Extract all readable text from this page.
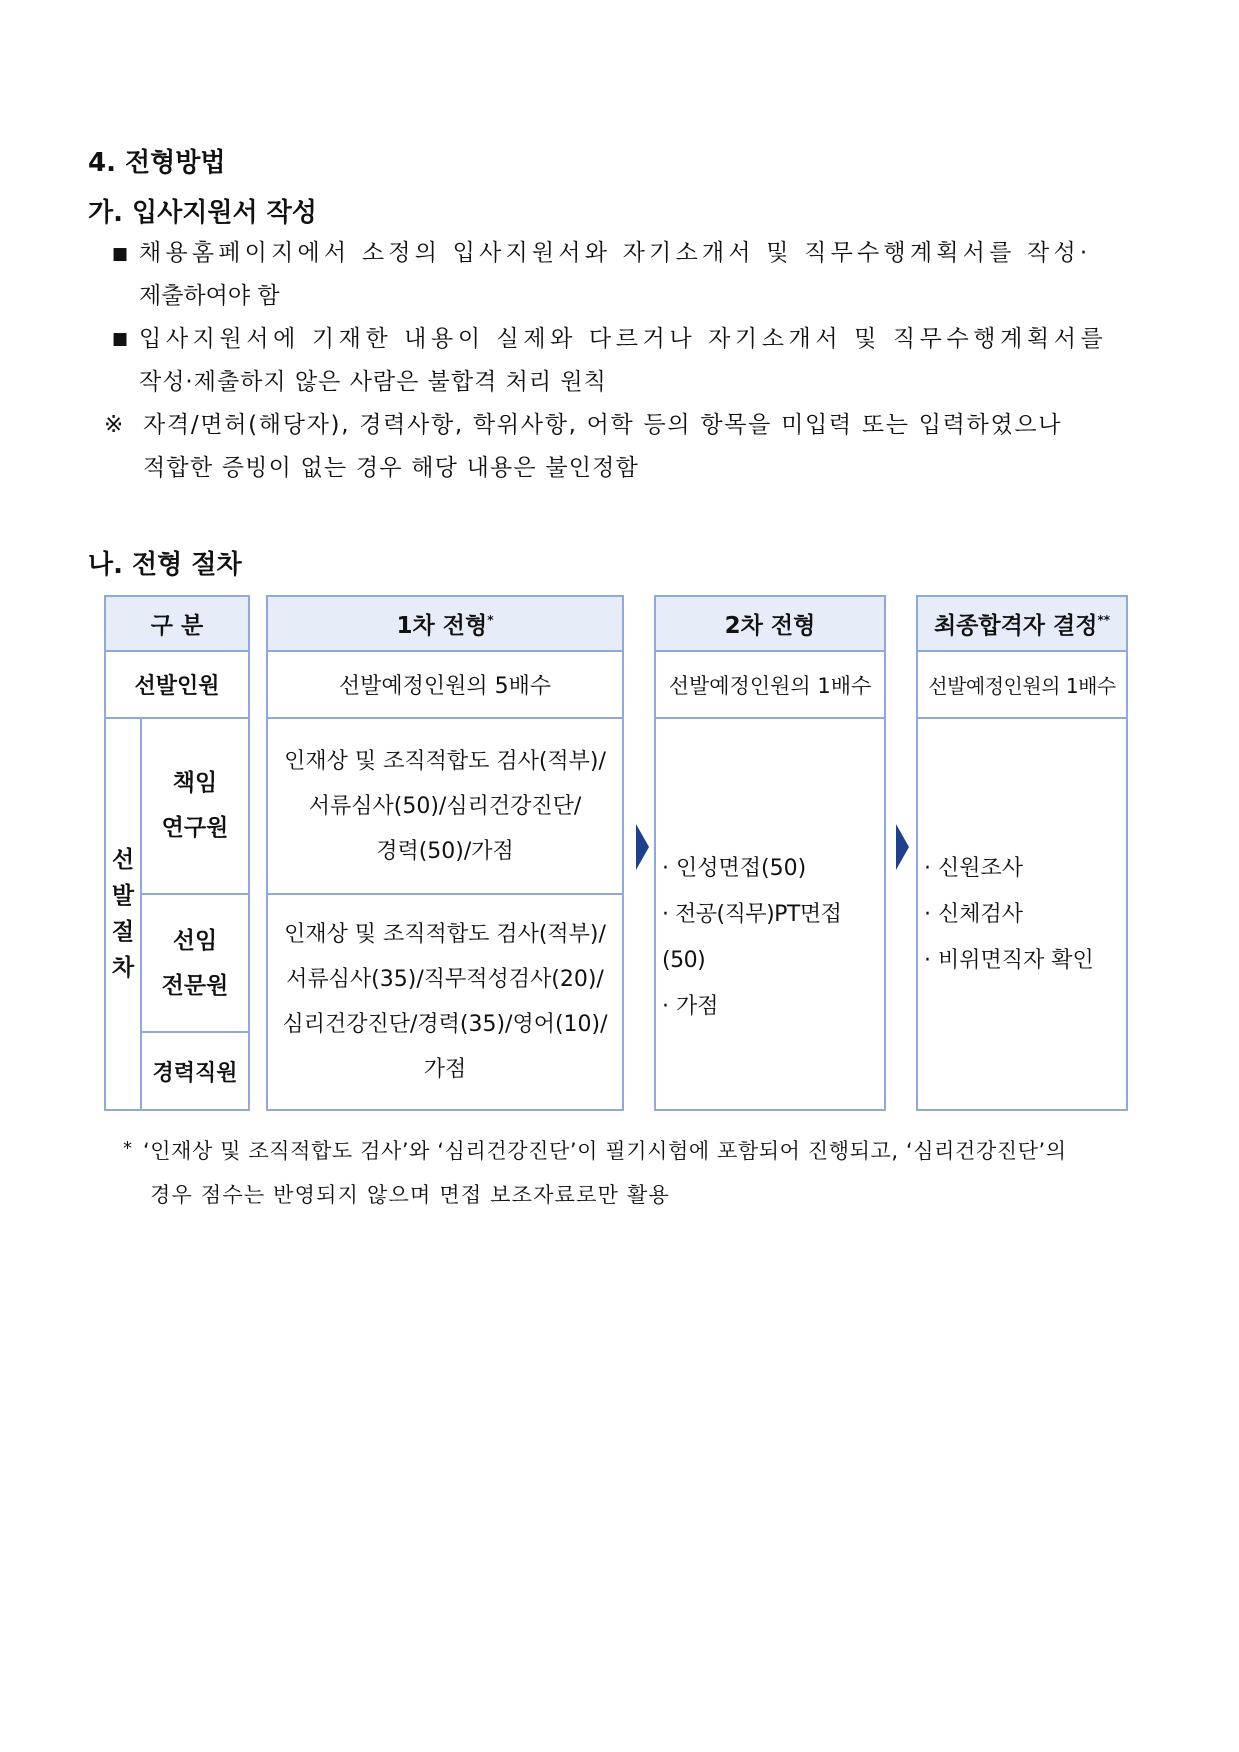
4. 전형방법
가. 입사지원서 작성
■ 채용홈페이지에서 소정의 입사지원서와 자기소개서 및 직무수행계획서를 작성·
제출하여야 함
■ 입사지원서에 기재한 내용이 실제와 다르거나 자기소개서 및 직무수행계획서를
작성·제출하지 않은 사람은 불합격 처리 원칙
※ 자격/면허(해당자), 경력사항, 학위사항, 어학 등의 항목을 미입력 또는 입력하였으나
적합한 증빙이 없는 경우 해당 내용은 불인정함
나. 전형 절차
구 분
선발인원
선
발
절
차
책임
연구원
선임
전문원
경력직원
1차 전형 *
선발예정인원의 5배수
인재상 및 조직적합도 검사(적부)/
서류심사(50)/심리건강진단/
경력(50)/가점
인재상 및 조직적합도 검사(적부)/
서류심사(35)/직무적성검사(20)/
심리건강진단/경력(35)/영어(10)/
가점
2차 전형
선발예정인원의 1배수
· 인성면접(50)
· 전공(직무)PT면접(50)
· 가점
최종합격자 결정 **
선발예정인원의 1배수
· 신원조사
· 신체검사
· 비위면직자 확인
* ‘인재상 및 조직적합도 검사’와 ‘심리건강진단’이 필기시험에 포함되어 진행되고, ‘심리건강진단’의
경우 점수는 반영되지 않으며 면접 보조자료로만 활용
